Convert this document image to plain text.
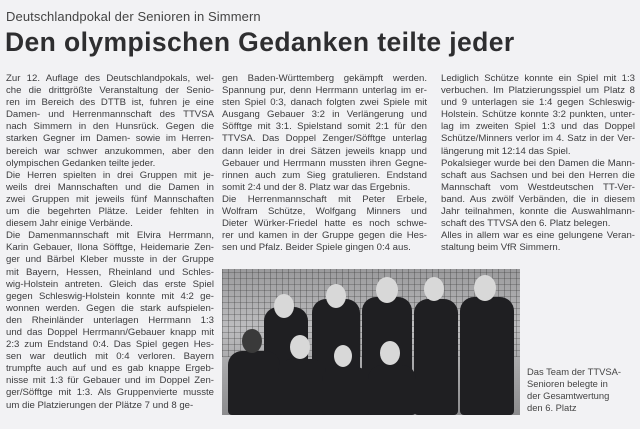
Deutschlandpokal der Senioren in Simmern
Den olympischen Gedanken teilte jeder
Zur 12. Auflage des Deutschlandpokals, wel-
che die drittgrößte Veranstaltung der Senio-
ren im Bereich des DTTB ist, fuhren je eine
Damen- und Herrenmannschaft des TTVSA
nach Simmern in den Hunsrück. Gegen die
starken Gegner im Damen- sowie im Herren-
bereich war schwer anzukommen, aber den
olympischen Gedanken teilte jeder.
Die Herren spielten in drei Gruppen mit je-
weils drei Mannschaften und die Damen in
zwei Gruppen mit jeweils fünf Mannschaften
um die begehrten Plätze. Leider fehlten in
diesem Jahr einige Verbände.
Die Damenmannschaft mit Elvira Herrmann,
Karin Gebauer, Ilona Söfftge, Heidemarie Zen-
ger und Bärbel Kleber musste in der Gruppe
mit Bayern, Hessen, Rheinland und Schles-
wig-Holstein antreten. Gleich das erste Spiel
gegen Schleswig-Holstein konnte mit 4:2 ge-
wonnen werden. Gegen die stark aufspielen-
den Rheinländer unterlagen Herrmann 1:3
und das Doppel Herrmann/Gebauer knapp mit
2:3 zum Endstand 0:4. Das Spiel gegen Hes-
sen war deutlich mit 0:4 verloren. Bayern
trumpfte auch auf und es gab knappe Ergeb-
nisse mit 1:3 für Gebauer und im Doppel Zen-
ger/Söfftge mit 1:3. Als Gruppenvierte musste
um die Platzierungen der Plätze 7 und 8 ge-
gen Baden-Württemberg gekämpft werden.
Spannung pur, denn Herrmann unterlag im er-
sten Spiel 0:3, danach folgten zwei Spiele mit
Ausgang Gebauer 3:2 in Verlängerung und
Söfftge mit 3:1. Spielstand somit 2:1 für den
TTVSA. Das Doppel Zenger/Söfftge unterlag
dann leider in drei Sätzen jeweils knapp und
Gebauer und Herrmann mussten ihren Gegne-
rinnen auch zum Sieg gratulieren. Endstand
somit 2:4 und der 8. Platz war das Ergebnis.
Die Herrenmannschaft mit Peter Erbele,
Wolfram Schütze, Wolfgang Minners und
Dieter Würker-Friedel hatte es noch schwe-
rer und kamen in der Gruppe gegen die Hes-
sen und Pfalz. Beider Spiele gingen 0:4 aus.
Lediglich Schütze konnte ein Spiel mit 1:3
verbuchen. Im Platzierungsspiel um Platz 8
und 9 unterlagen sie 1:4 gegen Schleswig-
Holstein. Schütze konnte 3:2 punkten, unter-
lag im zweiten Spiel 1:3 und das Doppel
Schütze/Minners verlor im 4. Satz in der Ver-
längerung mit 12:14 das Spiel.
Pokalsieger wurde bei den Damen die Mann-
schaft aus Sachsen und bei den Herren die
Mannschaft vom Westdeutschen TT-Ver-
band. Aus zwölf Verbänden, die in diesem
Jahr teilnahmen, konnte die Auswahlmann-
schaft des TTVSA den 6. Platz belegen.
Alles in allem war es eine gelungene Veran-
staltung beim VfR Simmern.
Das Team der TTVSA-
Senioren belegte in
der Gesamtwertung
den 6. Platz
